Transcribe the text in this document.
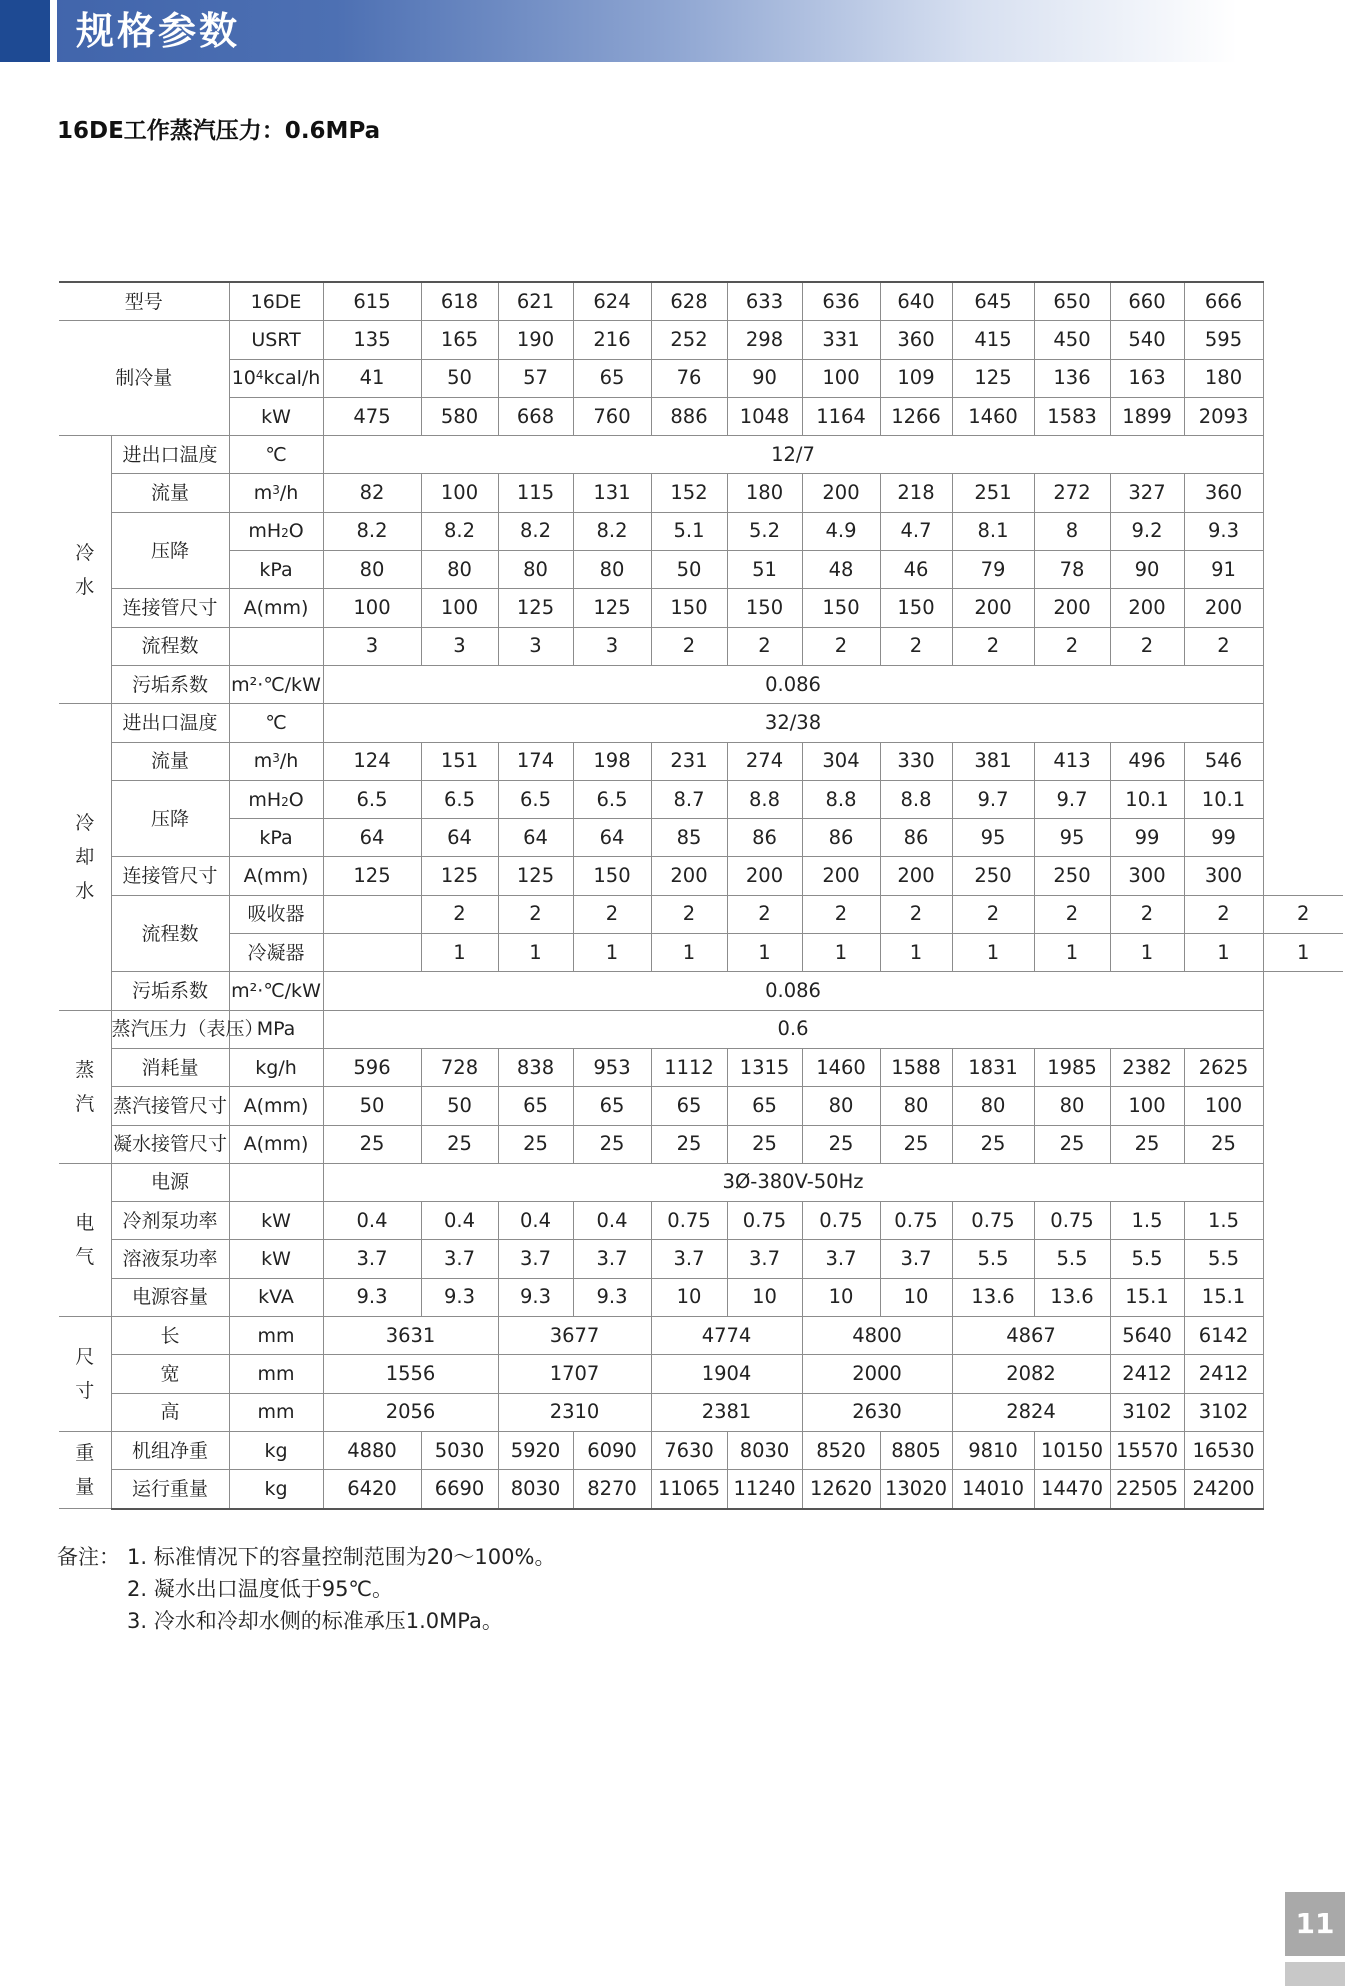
规格参数
16DE工作蒸汽压力：0.6MPa
型号		16DE	615	618	621	624	628	633	636	640	645	650	660	666	
制冷量		USRT	135	165	190	216	252	298	331	360	415	450	540	595	
		$10^4kcal/h$	41	50	57	65	76	90	100	109	125	136	163	180	
		kW	475	580	668	760	886	1048	1164	1266	1460	1583	1899	2093	
冷
水	进出口温度	℃	12/7												
	流量	$m^3/h$	82	100	115	131	152	180	200	218	251	272	327	360	
	压降	$mH_2O$	8.2	8.2	8.2	8.2	5.1	5.2	4.9	4.7	8.1	8	9.2	9.3	
		kPa	80	80	80	80	50	51	48	46	79	78	90	91	
	连接管尺寸	A(mm)	100	100	125	125	150	150	150	150	200	200	200	200	
	流程数		3	3	3	3	2	2	2	2	2	2	2	2	
	污垢系数	m²·℃/kW	0.086												
冷
却
水	进出口温度	℃	32/38												
	流量	$m^3/h$	124	151	174	198	231	274	304	330	381	413	496	546	
	压降	$mH_2O$	6.5	6.5	6.5	6.5	8.7	8.8	8.8	8.8	9.7	9.7	10.1	10.1	
		kPa	64	64	64	64	85	86	86	86	95	95	99	99	
	连接管尺寸	A(mm)	125	125	125	150	200	200	200	200	250	250	300	300	
	流程数	吸收器		2	2	2	2	2	2	2	2	2	2	2	2
		冷凝器		1	1	1	1	1	1	1	1	1	1	1	1
	污垢系数	m²·℃/kW	0.086												
蒸
汽	蒸汽压力（表压）	MPa	0.6												
	消耗量	kg/h	596	728	838	953	1112	1315	1460	1588	1831	1985	2382	2625	
	蒸汽接管尺寸	A(mm)	50	50	65	65	65	65	80	80	80	80	100	100	
	凝水接管尺寸	A(mm)	25	25	25	25	25	25	25	25	25	25	25	25	
电
气	电源		3Ø-380V-50Hz												
	冷剂泵功率	kW	0.4	0.4	0.4	0.4	0.75	0.75	0.75	0.75	0.75	0.75	1.5	1.5	
	溶液泵功率	kW	3.7	3.7	3.7	3.7	3.7	3.7	3.7	3.7	5.5	5.5	5.5	5.5	
	电源容量	kVA	9.3	9.3	9.3	9.3	10	10	10	10	13.6	13.6	15.1	15.1	
尺
寸	长	mm	3631		3677		4774		4800		4867		5640	6142	
	宽	mm	1556		1707		1904		2000		2082		2412	2412	
	高	mm	2056		2310		2381		2630		2824		3102	3102	
重
量	机组净重	kg	4880	5030	5920	6090	7630	8030	8520	8805	9810	10150	15570	16530	
	运行重量	kg	6420	6690	8030	8270	11065	11240	12620	13020	14010	14470	22505	24200	
备注： 1. 标准情况下的容量控制范围为20～100%。
2. 凝水出口温度低于95℃。
3. 冷水和冷却水侧的标准承压1.0MPa。
11
